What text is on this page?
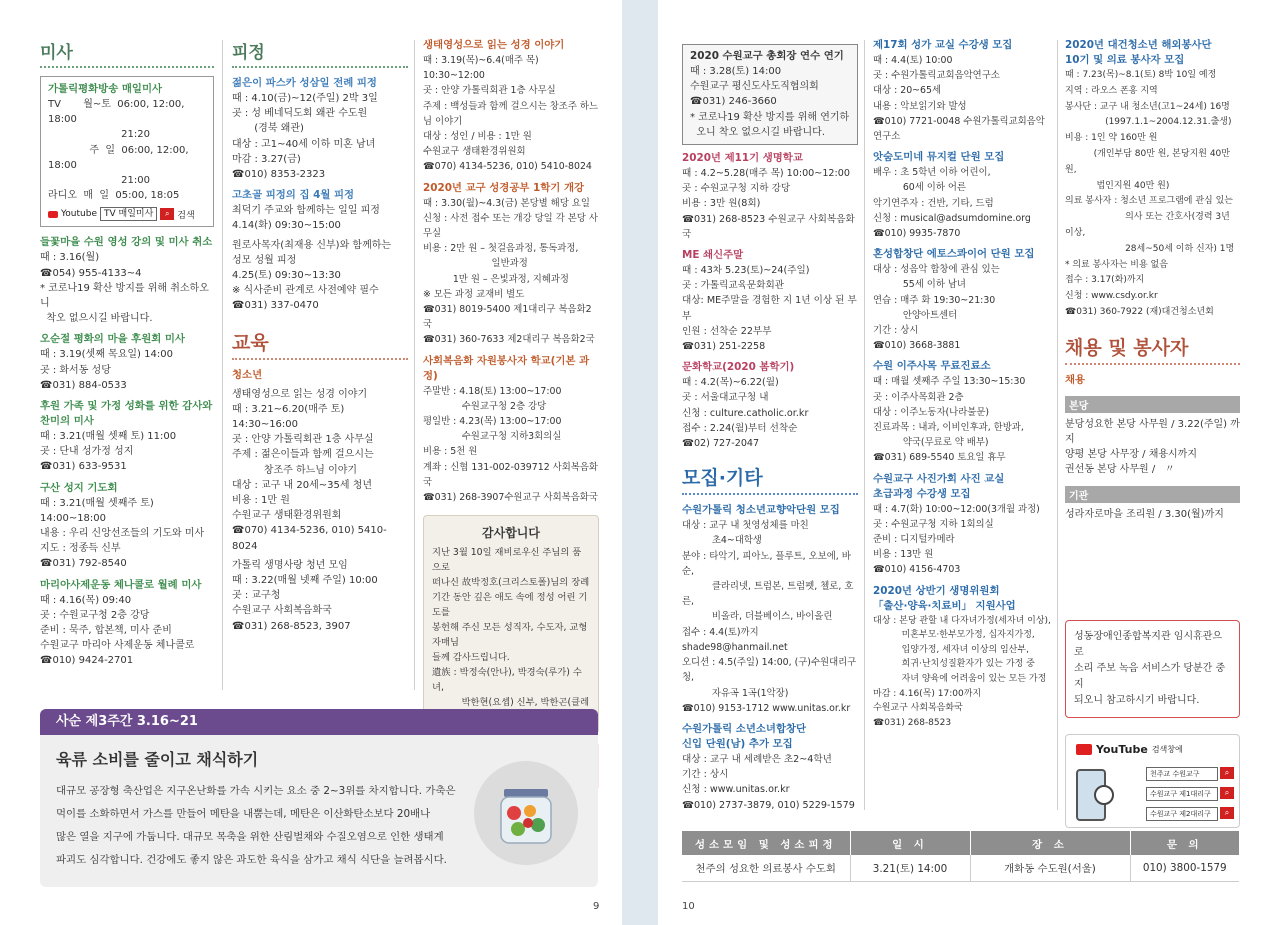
미사
가톨릭평화방송 매일미사
TV       월~토  06:00, 12:00, 18:00
21:20
주  일  06:00, 12:00, 18:00
21:00
라디오  매  일  05:00, 18:05
Youtube TV 매일미사	⌕ 검색
들꽃마을 수원 영성 강의 및 미사 취소
때 : 3.16(월)
☎054) 955-4133~4
* 코로나19 확산 방지를 위해 취소하오니
착오 없으시길 바랍니다.
오순절 평화의 마을 후원회 미사
때 : 3.19(셋째 목요일) 14:00
곳 : 화서동 성당
☎031) 884-0533
후원 가족 및 가정 성화를 위한 감사와
찬미의 미사
때 : 3.21(매월 셋째 토) 11:00
곳 : 단내 성가정 성지
☎031) 633-9531
구산 성지 기도회
때 : 3.21(매월 셋째주 토) 14:00~18:00
내용 : 우리 신앙선조들의 기도와 미사
지도 : 정종득 신부
☎031) 792-8540
마리아사제운동 체나콜로 월례 미사
때 : 4.16(목) 09:40
곳 : 수원교구청 2층 강당
준비 : 묵주, 합본책, 미사 준비
수원교구 마리아 사제운동 체나콜로
☎010) 9424-2701
피정
젊은이 파스카 성삼일 전례 피정
때 : 4.10(금)~12(주일) 2박 3일
곳 : 성 베네딕도회 왜관 수도원
(경북 왜관)
대상 : 고1~40세 이하 미혼 남녀
마감 : 3.27(금)
☎010) 8353-2323
고초골 피정의 집 4월 피정
최덕기 주교와 함께하는 일일 피정
4.14(화) 09:30~15:00
원로사목자(최재용 신부)와 함께하는
성모 성월 피정
4.25(토) 09:30~13:30
※ 식사준비 관계로 사전예약 필수
☎031) 337-0470
교육
청소년
생태영성으로 읽는 성경 이야기
때 : 3.21~6.20(매주 토) 14:30~16:00
곳 : 안양 가톨릭회관 1층 사무실
주제 : 젊은이들과 함께 걸으시는
창조주 하느님 이야기
대상 : 교구 내 20세~35세 청년
비용 : 1만 원
수원교구 생태환경위원회
☎070) 4134-5236, 010) 5410-8024
가톨릭 생명사랑 청년 모임
때 : 3.22(매월 넷째 주일) 10:00
곳 : 교구청
수원교구 사회복음화국
☎031) 268-8523, 3907
생태영성으로 읽는 성경 이야기
때 : 3.19(목)~6.4(매주 목) 10:30~12:00
곳 : 안양 가톨릭회관 1층 사무실
주제 : 백성들과 함께 걸으시는 창조주 하느님 이야기
대상 : 성인 / 비용 : 1만 원
수원교구 생태환경위원회
☎070) 4134-5236, 010) 5410-8024
2020년 교구 성경공부 1학기 개강
때 : 3.30(월)~4.3(금) 본당별 해당 요일
신청 : 사전 접수 또는 개강 당일 각 본당 사무실
비용 : 2만 원 – 첫걸음과정, 통독과정,
일반과정
1만 원 – 은빛과정, 지혜과정
※ 모든 과정 교재비 별도
☎031) 8019-5400 제1대리구 복음화2국
☎031) 360-7633 제2대리구 복음화2국
사회복음화 자원봉사자 학교(기본 과정)
주말반 : 4.18(토) 13:00~17:00
수원교구청 2층 강당
평일반 : 4.23(목) 13:00~17:00
수원교구청 지하3회의실
비용 : 5천 원
계좌 : 신협 131-002-039712 사회복음화국
☎031) 268-3907수원교구 사회복음화국
감사합니다
지난 3월 10일 재비로우신 주님의 품으로
떠나신 故박정호(크리스토폴)님의 장례
기간 동안 깊은 애도 속에 정성 어린 기도를
봉헌해 주신 모든 성직자, 수도자, 교형자매님
들께 감사드립니다.
遺族 : 박정숙(안나), 박경숙(루가) 수녀,
박한현(요셉) 신부, 박한곤(클레
사순 제3주간 3.16~21
육류 소비를 줄이고 채식하기
대규모 공장형 축산업은 지구온난화를 가속 시키는 요소 중 2~3위를 차지합니다. 가축은
먹이를 소화하면서 가스를 만들어 메탄을 내뿜는데, 메탄은 이산화탄소보다 20배나
많은 열을 지구에 가둡니다. 대규모 목축을 위한 산림벌채와 수질오염으로 인한 생태계
파괴도 심각합니다. 건강에도 좋지 않은 과도한 육식을 삼가고 채식 식단을 늘려봅시다.
9
2020 수원교구 총회장 연수 연기
때 : 3.28(토) 14:00
수원교구 평신도사도직협의회
☎031) 246-3660
* 코로나19 확산 방지를 위해 연기하
오니 착오 없으시길 바랍니다.
2020년 제11기 생명학교
때 : 4.2~5.28(매주 목) 10:00~12:00
곳 : 수원교구청 지하 강당
비용 : 3만 원(8회)
☎031) 268-8523 수원교구 사회복음화국
ME 쇄신주말
때 : 43차 5.23(토)~24(주일)
곳 : 가톨릭교육문화회관
대상: ME주말을 경험한 지 1년 이상 된 부부
인원 : 선착순 22부부
☎031) 251-2258
문화학교(2020 봄학기)
때 : 4.2(목)~6.22(월)
곳 : 서울대교구청 내
신청 : culture.catholic.or.kr
접수 : 2.24(월)부터 선착순
☎02) 727-2047
모집·기타
수원가톨릭 청소년교향악단원 모집
대상 : 교구 내 첫영성체를 마친
초4~대학생
분야 : 타악기, 피아노, 플루트, 오보에, 바순,
클라리넷, 트럼본, 트럼펫, 첼로, 호른,
비올라, 더블베이스, 바이올린
접수 : 4.4(토)까지 shade98@hanmail.net
오디션 : 4.5(주일) 14:00, (구)수원대리구청,
자유곡 1곡(1악장)
☎010) 9153-1712 www.unitas.or.kr
수원가톨릭 소년소녀합창단
신입 단원(남) 추가 모집
대상 : 교구 내 세례받은 초2~4학년
기간 : 상시
신청 : www.unitas.or.kr
☎010) 2737-3879, 010) 5229-1579
제17회 성가 교실 수강생 모집
때 : 4.4(토) 10:00
곳 : 수원가톨릭교회음악연구소
대상 : 20~65세
내용 : 악보읽기와 발성
☎010) 7721-0048 수원가톨릭교회음악연구소
앗숨도미네 뮤지컬 단원 모집
배우 : 초 5학년 이하 어린이,
60세 이하 어른
악기연주자 : 건반, 기타, 드럼
신청 : musical@adsumdomine.org
☎010) 9935-7870
혼성합창단 에토스콰이어 단원 모집
대상 : 성음악 합창에 관심 있는
55세 이하 남녀
연습 : 매주 화 19:30~21:30
안양아트센터
기간 : 상시
☎010) 3668-3881
수원 이주사목 무료진료소
때 : 매월 셋째주 주일 13:30~15:30
곳 : 이주사목회관 2층
대상 : 이주노동자(나라불문)
진료과목 : 내과, 이비인후과, 한방과,
약국(무료로 약 배부)
☎031) 689-5540 토요일 휴무
수원교구 사진가회 사진 교실
초급과정 수강생 모집
때 : 4.7(화) 10:00~12:00(3개월 과정)
곳 : 수원교구청 지하 1회의실
준비 : 디지털카메라
비용 : 13만 원
☎010) 4156-4703
2020년 상반기 생명위원회
「출산·양육·치료비」 지원사업
대상 : 본당 관할 내 다자녀가정(세자녀 이상),
미혼부모·한부모가정, 십자지가정,
입양가정, 세자녀 이상의 임산부,
희귀·난치성질환자가 있는 가정 중
자녀 양육에 어려움이 있는 모든 가정
마감 : 4.16(목) 17:00까지
수원교구 사회복음화국
☎031) 268-8523
2020년 대건청소년 해외봉사단
10기 및 의료 봉사자 모집
때 : 7.23(목)~8.1(토) 8박 10일 예정
지역 : 라오스 폰홍 지역
봉사단 : 교구 내 청소년(고1~24세) 16명
(1997.1.1~2004.12.31.출생)
비용 : 1인 약 160만 원
(개인부담 80만 원, 본당지원 40만 원,
법인지원 40만 원)
의료 봉사자 : 청소년 프로그램에 관심 있는
의사 또는 간호사(경력 3년 이상,
28세~50세 이하 신자) 1명
* 의료 봉사자는 비용 없음
접수 : 3.17(화)까지
신청 : www.csdy.or.kr
☎031) 360-7922 (재)대건청소년회
채용 및 봉사자
채용
본당
분당성요한 본당 사무원 / 3.22(주일) 까지
양평 본당 사무장 / 채용시까지
권선동 본당 사무원 /   〃
기관
성라자로마을 조리원 / 3.30(월)까지
성동장애인종합복지관 임시휴관으로
소리 주보 녹음 서비스가 당분간 중지
되오니 참고하시기 바랍니다.
YouTube 검색창에
천주교 수원교구	⌕
수원교구 제1대리구	⌕
수원교구 제2대리구	⌕
10
성소모임 및 성소피정	일 시	장 소	문 의
천주의 성요한 의료봉사 수도회	3.21(토) 14:00	개화동 수도원(서울)	010) 3800-1579
